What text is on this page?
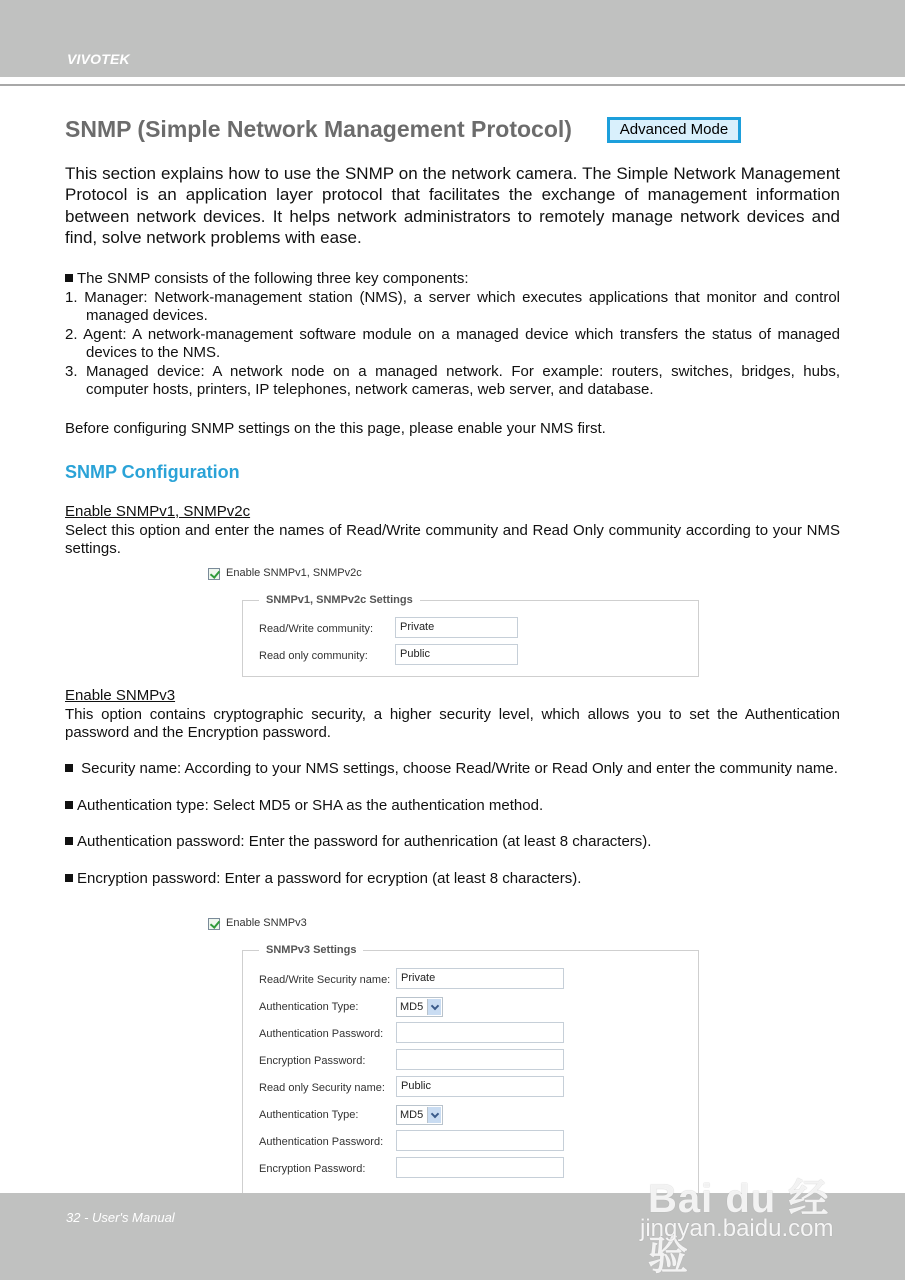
VIVOTEK
SNMP (Simple Network Management Protocol)	Advanced Mode
This section explains how to use the SNMP on the network camera. The Simple Network Management Protocol is an application layer protocol that facilitates the exchange of management information between network devices. It helps network administrators to remotely manage network devices and find, solve network problems with ease.
The SNMP consists of the following three key components:
1. Manager: Network-management station (NMS), a server which executes applications that monitor and control managed devices.
2. Agent: A network-management software module on a managed device which transfers the status of managed devices to the NMS.
3. Managed device: A network node on a managed network. For example: routers, switches, bridges, hubs, computer hosts, printers, IP telephones, network cameras, web server, and database.
Before configuring SNMP settings on the this page, please enable your NMS first.
SNMP Configuration
Enable SNMPv1, SNMPv2c
Select this option and enter the names of Read/Write community and Read Only community according to your NMS settings.
Enable SNMPv1, SNMPv2c
SNMPv1, SNMPv2c Settings
Read/Write community:	Private
Read only community:	Public
Enable SNMPv3
This option contains cryptographic security, a higher security level, which allows you to set the Authentication password and the Encryption password.
Security name: According to your NMS settings, choose Read/Write or Read Only and enter the community name.
Authentication type: Select MD5 or SHA as the authentication method.
Authentication password: Enter the password for authenrication (at least 8 characters).
Encryption password: Enter a password for ecryption (at least 8 characters).
Enable SNMPv3
SNMPv3 Settings
Read/Write Security name: Private
Authentication Type:	MD5
Authentication Password:
Encryption Password:
Read only Security name:	Public
Authentication Type:	MD5
Authentication Password:
Encryption Password:
32 - User's Manual	Bai du 经验
jingyan.baidu.com
